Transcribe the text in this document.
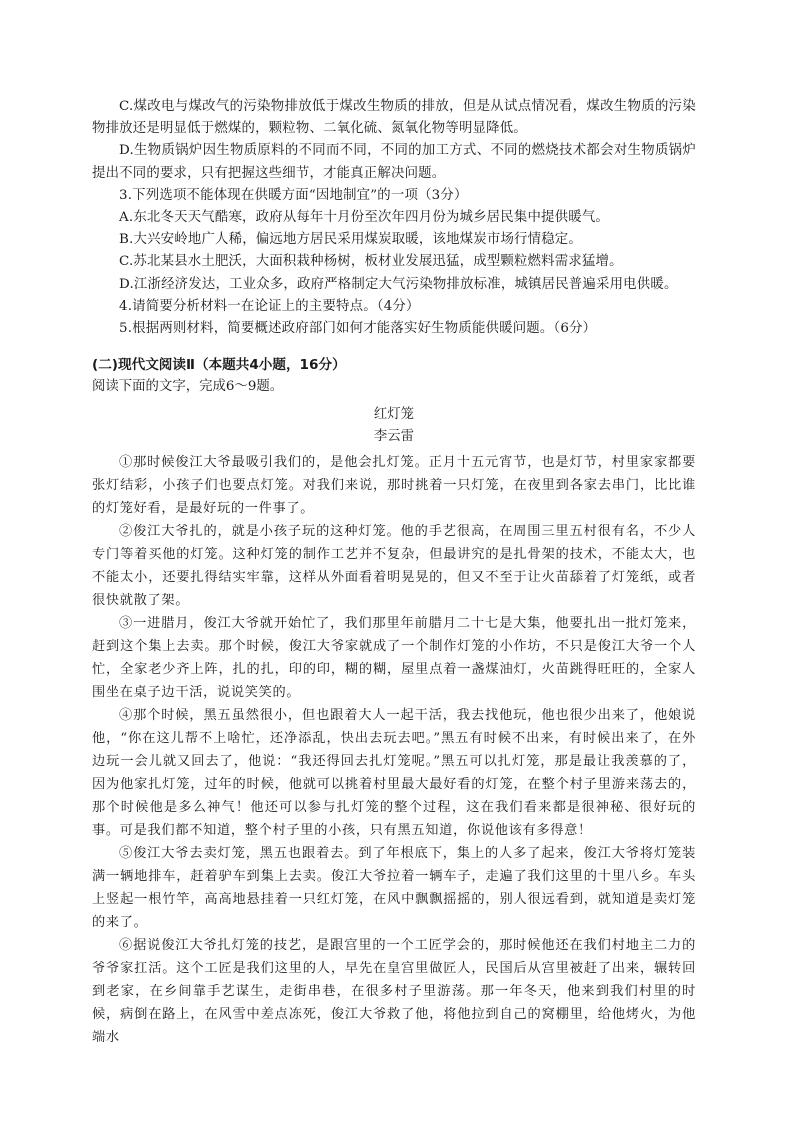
C.煤改电与煤改气的污染物排放低于煤改生物质的排放，但是从试点情况看，煤改生物质的污染物排放还是明显低于燃煤的，颗粒物、二氧化硫、氮氧化物等明显降低。

D.生物质锅炉因生物质原料的不同而不同，不同的加工方式、不同的燃烧技术都会对生物质锅炉提出不同的要求，只有把握这些细节，才能真正解决问题。

3.下列选项不能体现在供暖方面“因地制宜”的一项（3分）

A.东北冬天天气酷寒，政府从每年十月份至次年四月份为城乡居民集中提供暖气。

B.大兴安岭地广人稀，偏远地方居民采用煤炭取暖，该地煤炭市场行情稳定。

C.苏北某县水土肥沃，大面积栽种杨树，板材业发展迅猛，成型颗粒燃料需求猛增。

D.江浙经济发达，工业众多，政府严格制定大气污染物排放标准，城镇居民普遍采用电供暖。

4.请简要分析材料一在论证上的主要特点。（4分）

5.根据两则材料，简要概述政府部门如何才能落实好生物质能供暖问题。（6分）

(二)现代文阅读Ⅱ（本题共4小题，16分）

阅读下面的文字，完成6～9题。

红灯笼

李云雷

①那时候俊江大爷最吸引我们的，是他会扎灯笼。正月十五元宵节，也是灯节，村里家家都要张灯结彩，小孩子们也要点灯笼。对我们来说，那时挑着一只灯笼，在夜里到各家去串门，比比谁的灯笼好看，是最好玩的一件事了。

②俊江大爷扎的，就是小孩子玩的这种灯笼。他的手艺很高，在周围三里五村很有名，不少人专门等着买他的灯笼。这种灯笼的制作工艺并不复杂，但最讲究的是扎骨架的技术，不能太大，也不能太小，还要扎得结实牢靠，这样从外面看着明晃晃的，但又不至于让火苗舔着了灯笼纸，或者很快就散了架。

③一进腊月，俊江大爷就开始忙了，我们那里年前腊月二十七是大集，他要扎出一批灯笼来，赶到这个集上去卖。那个时候，俊江大爷家就成了一个制作灯笼的小作坊，不只是俊江大爷一个人忙，全家老少齐上阵，扎的扎，印的印，糊的糊，屋里点着一盏煤油灯，火苗跳得旺旺的，全家人围坐在桌子边干活，说说笑笑的。

④那个时候，黑五虽然很小，但也跟着大人一起干活，我去找他玩，他也很少出来了，他娘说他，“你在这儿帮不上啥忙，还净添乱，快出去玩去吧。”黑五有时候不出来，有时候出来了，在外边玩一会儿就又回去了，他说：“我还得回去扎灯笼呢。”黑五可以扎灯笼，那是最让我羡慕的了，因为他家扎灯笼，过年的时候，他就可以挑着村里最大最好看的灯笼，在整个村子里游来荡去的，那个时候他是多么神气！他还可以参与扎灯笼的整个过程，这在我们看来都是很神秘、很好玩的事。可是我们都不知道，整个村子里的小孩，只有黑五知道，你说他该有多得意！

⑤俊江大爷去卖灯笼，黑五也跟着去。到了年根底下，集上的人多了起来，俊江大爷将灯笼装满一辆地排车，赶着驴车到集上去卖。俊江大爷拉着一辆车子，走遍了我们这里的十里八乡。车头上竖起一根竹竿，高高地悬挂着一只红灯笼，在风中飘飘摇摇的，别人很远看到，就知道是卖灯笼的来了。

⑥据说俊江大爷扎灯笼的技艺，是跟宫里的一个工匠学会的，那时候他还在我们村地主二力的爷爷家扛活。这个工匠是我们这里的人，早先在皇宫里做匠人，民国后从宫里被赶了出来，辗转回到老家，在乡间靠手艺谋生，走街串巷，在很多村子里游荡。那一年冬天，他来到我们村里的时候，病倒在路上，在风雪中差点冻死，俊江大爷救了他，将他拉到自己的窝棚里，给他烤火，为他端水
